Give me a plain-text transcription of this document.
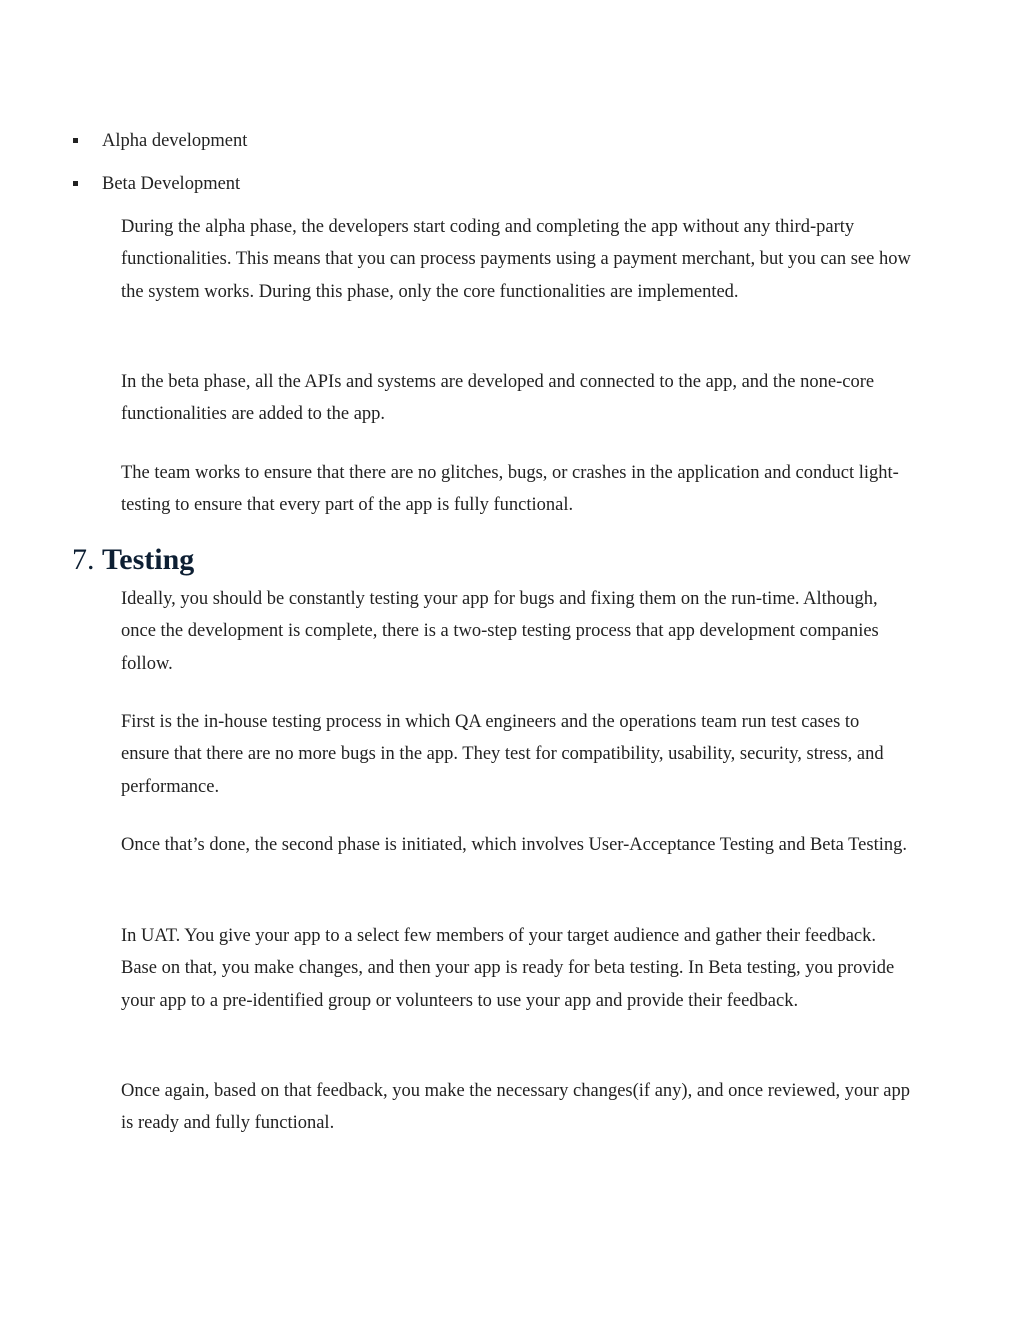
Alpha development
Beta Development

During the alpha phase, the developers start coding and completing the app without any third-party functionalities. This means that you can process payments using a payment merchant, but you can see how the system works. During this phase, only the core functionalities are implemented.

In the beta phase, all the APIs and systems are developed and connected to the app, and the none-core functionalities are added to the app.

The team works to ensure that there are no glitches, bugs, or crashes in the application and conduct light-testing to ensure that every part of the app is fully functional.

7. Testing

Ideally, you should be constantly testing your app for bugs and fixing them on the run-time. Although, once the development is complete, there is a two-step testing process that app development companies follow.

First is the in-house testing process in which QA engineers and the operations team run test cases to ensure that there are no more bugs in the app. They test for compatibility, usability, security, stress, and performance.

Once that’s done, the second phase is initiated, which involves User-Acceptance Testing and Beta Testing.

In UAT. You give your app to a select few members of your target audience and gather their feedback. Base on that, you make changes, and then your app is ready for beta testing. In Beta testing, you provide your app to a pre-identified group or volunteers to use your app and provide their feedback.

Once again, based on that feedback, you make the necessary changes(if any), and once reviewed, your app is ready and fully functional.
